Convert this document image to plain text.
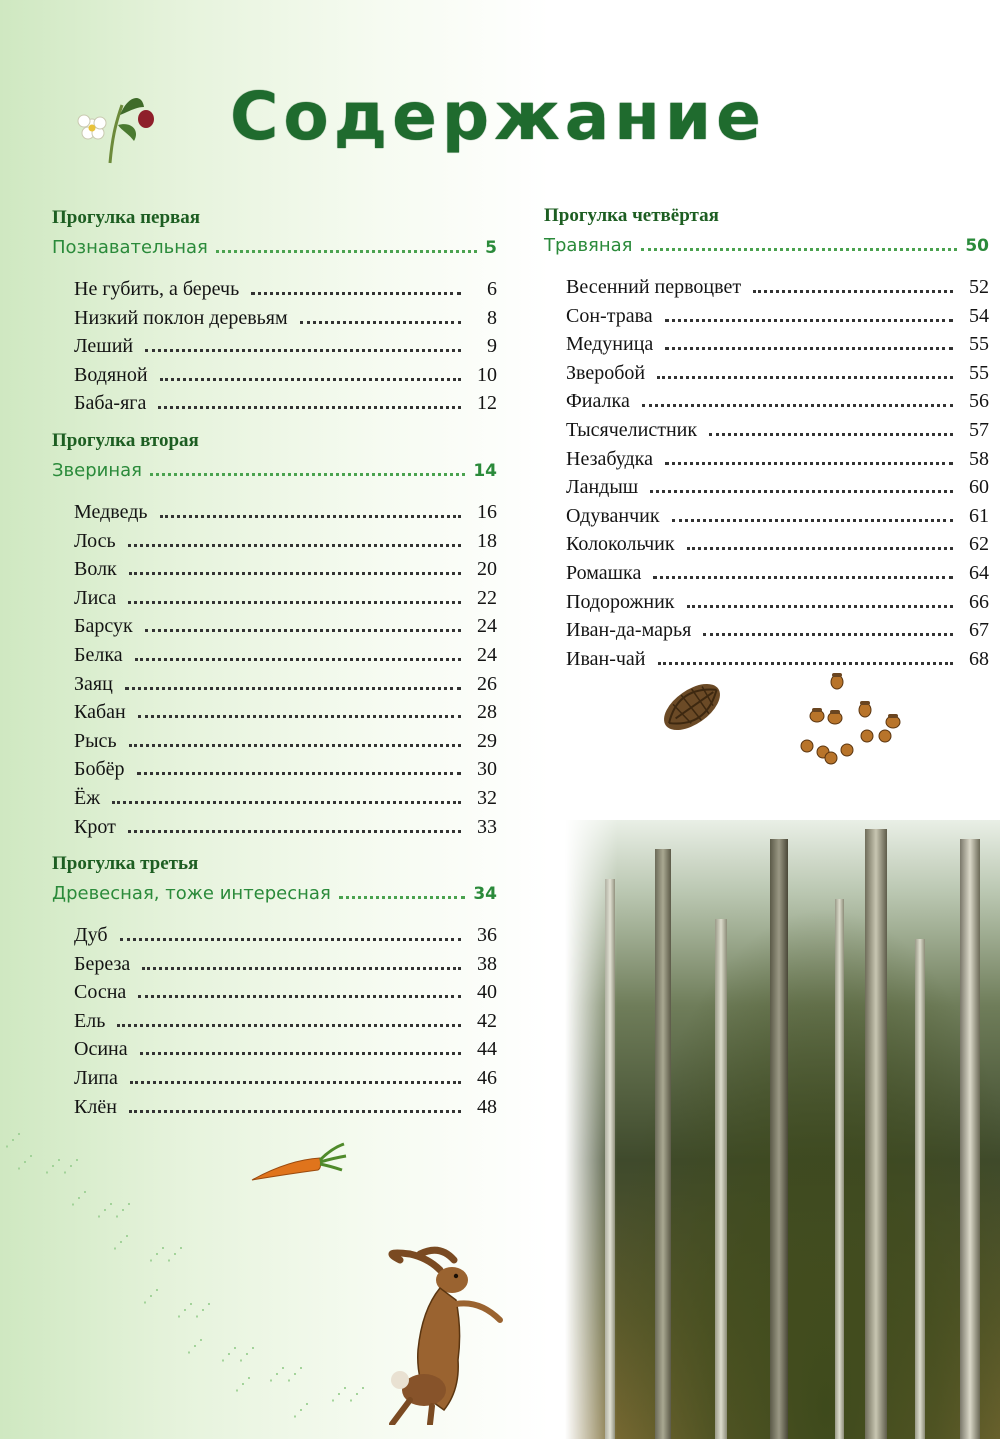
Содержание
Прогулка первая
Познавательная	5
Не губить, а беречь	6
Низкий поклон деревьям	8
Леший	9
Водяной	10
Баба-яга	12
Прогулка вторая
Звериная	14
Медведь	16
Лось	18
Волк	20
Лиса	22
Барсук	24
Белка	24
Заяц	26
Кабан	28
Рысь	29
Бобёр	30
Ёж	32
Крот	33
Прогулка третья
Древесная, тоже интересная	34
Дуб	36
Береза	38
Сосна	40
Ель	42
Осина	44
Липа	46
Клён	48
Прогулка четвёртая
Травяная	50
Весенний первоцвет	52
Сон-трава	54
Медуница	55
Зверобой	55
Фиалка	56
Тысячелистник	57
Незабудка	58
Ландыш	60
Одуванчик	61
Колокольчик	62
Ромашка	64
Подорожник	66
Иван-да-марья	67
Иван-чай	68
⋰
⋰ ⋰⋰
⋰
⋰⋰
⋰
⋰⋰
⋰
⋰⋰
⋰ ⋰⋰
⋰ ⋰⋰
⋰
⋰⋰
